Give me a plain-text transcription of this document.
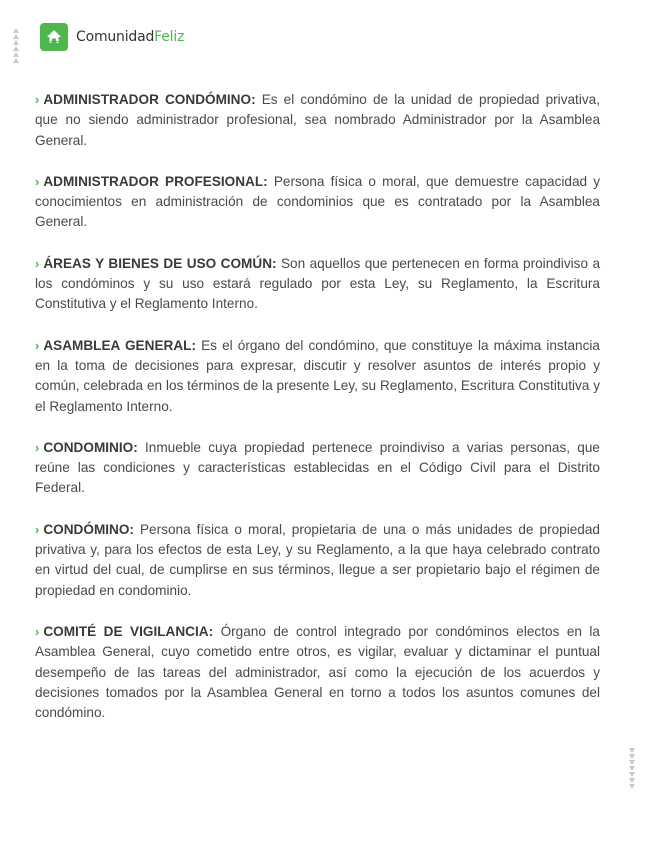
ComunidadFeliz

› ADMINISTRADOR CONDÓMINO: Es el condómino de la unidad de propiedad privativa, que no siendo administrador profesional, sea nombrado Administrador por la Asamblea General.

› ADMINISTRADOR PROFESIONAL: Persona física o moral, que demuestre capacidad y conocimientos en administración de condominios que es contratado por la Asamblea General.

› ÁREAS Y BIENES DE USO COMÚN: Son aquellos que pertenecen en forma proindiviso a los condóminos y su uso estará regulado por esta Ley, su Reglamento, la Escritura Constitutiva y el Reglamento Interno.

› ASAMBLEA GENERAL: Es el órgano del condómino, que constituye la máxima instancia en la toma de decisiones para expresar, discutir y resolver asuntos de interés propio y común, celebrada en los términos de la presente Ley, su Reglamento, Escritura Constitutiva y el Reglamento Interno.

› CONDOMINIO: Inmueble cuya propiedad pertenece proindiviso a varias personas, que reúne las condiciones y características establecidas en el Código Civil para el Distrito Federal.

› CONDÓMINO: Persona física o moral, propietaria de una o más unidades de propiedad privativa y, para los efectos de esta Ley, y su Reglamento, a la que haya celebrado contrato en virtud del cual, de cumplirse en sus términos, llegue a ser propietario bajo el régimen de propiedad en condominio.

› COMITÉ DE VIGILANCIA: Órgano de control integrado por condóminos electos en la Asamblea General, cuyo cometido entre otros, es vigilar, evaluar y dictaminar el puntual desempeño de las tareas del administrador, así como la ejecución de los acuerdos y decisiones tomados por la Asamblea General en torno a todos los asuntos comunes del condómino.
